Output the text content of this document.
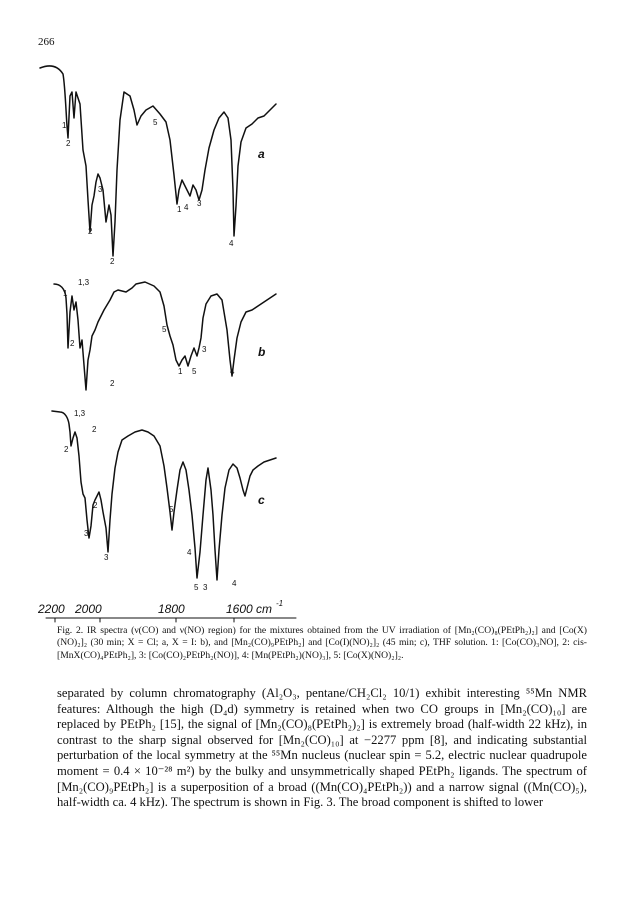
266
1
2
3
2
2
5
1 4 3
4
a
1,3
1
2
2
5
3
1 5	4
b
1,3
2
2
2
3
3
5
4
5 3	4
c
2200 2000	1800	1600 cm -1
Fig. 2. IR spectra (ν(CO) and ν(NO) region) for the mixtures obtained from the UV irradiation of [Mn₂(CO)₈(PEtPh₂)₂] and [Co(X)(NO)₂]₂ (30 min; X = Cl; a, X = I: b), and [Mn₂(CO)₉PEtPh₂] and [Co(I)(NO)₂]₂ (45 min; c), THF solution. 1: [Co(CO)₃NO], 2: cis-[MnX(CO)₄PEtPh₂], 3: [Co(CO)₂PEtPh₂(NO)], 4: [Mn(PEtPh₂)(NO)₃], 5: [Co(X)(NO)₂]₂.

separated by column chromatography (Al₂O₃, pentane/CH₂Cl₂ 10/1) exhibit interesting ⁵⁵Mn NMR features: Although the high (D₄d) symmetry is retained when two CO groups in [Mn₂(CO)₁₀] are replaced by PEtPh₂ [15], the signal of [Mn₂(CO)₈(PEtPh₂)₂] is extremely broad (half-width 22 kHz), in contrast to the sharp signal observed for [Mn₂(CO)₁₀] at −2277 ppm [8], and indicating substantial perturbation of the local symmetry at the ⁵⁵Mn nucleus (nuclear spin = 5.2, electric nuclear quadrupole moment = 0.4 × 10⁻²⁸ m²) by the bulky and unsymmetrically shaped PEtPh₂ ligands. The spectrum of [Mn₂(CO)₉PEtPh₂] is a superposition of a broad ((Mn(CO)₄PEtPh₂)) and a narrow signal ((Mn(CO)₅), half-width ca. 4 kHz). The spectrum is shown in Fig. 3. The broad component is shifted to lower
